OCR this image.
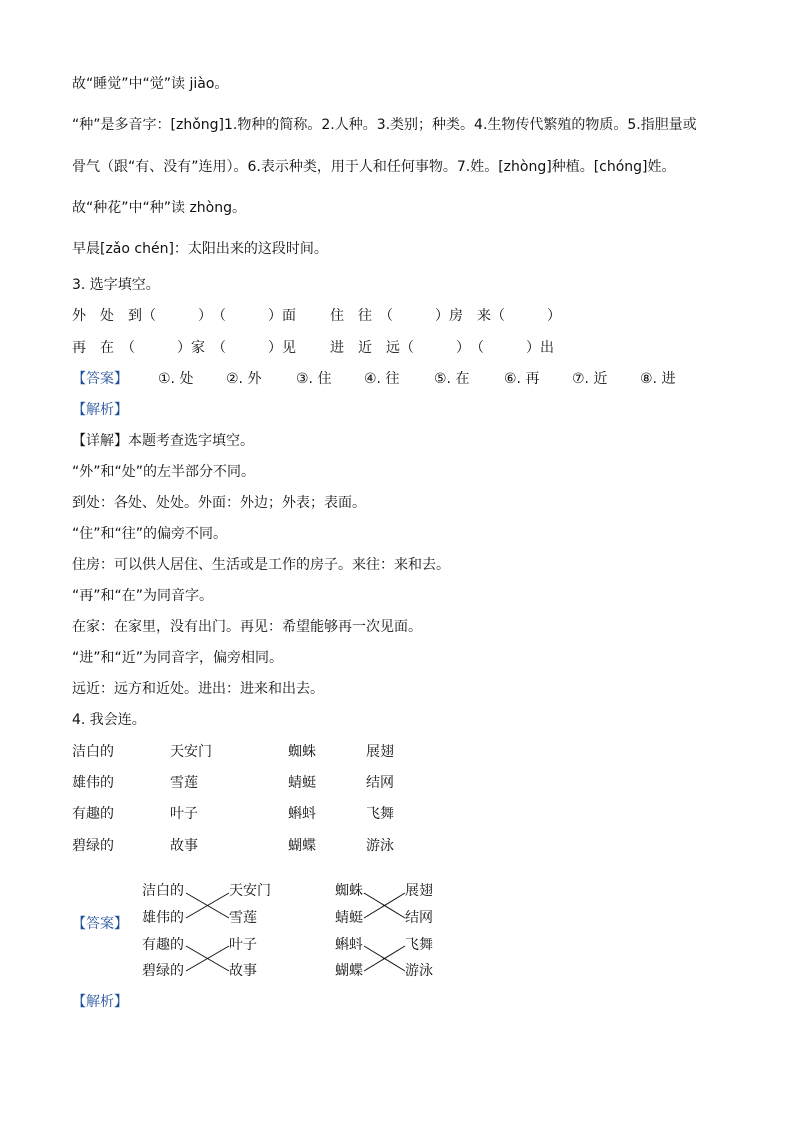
故“睡觉”中“觉”读 jiào。
“种”是多音字：[zhǒng]1.物种的简称。2.人种。3.类别；种类。4.生物传代繁殖的物质。5.指胆量或
骨气（跟“有、没有”连用）。6.表示种类，用于人和任何事物。7.姓。[zhòng]种植。[chóng]姓。
故“种花”中“种”读 zhòng。
早晨[zǎo chén]：太阳出来的这段时间。
3. 选字填空。
外　处　到（　　　）　（　　　）面 住　往　（　　　）房　来（　　　）
再　在　（　　　）家　（　　　）见 进　近　远（　　　）　（　　　）出
【答案】 ①. 处 ②. 外 ③. 住 ④. 往 ⑤. 在 ⑥. 再 ⑦. 近 ⑧. 进
【解析】
【详解】本题考查选字填空。
“外”和“处”的左半部分不同。
到处：各处、处处。外面：外边；外表；表面。
“住”和“往”的偏旁不同。
住房：可以供人居住、生活或是工作的房子。来往：来和去。
“再”和“在”为同音字。
在家：在家里，没有出门。再见：希望能够再一次见面。
“进”和“近”为同音字，偏旁相同。
远近：远方和近处。进出：进来和出去。
4. 我会连。
洁白的	天安门	蜘蛛	展翅
雄伟的	雪莲	蜻蜓	结网
有趣的	叶子	蝌蚪	飞舞
碧绿的	故事	蝴蝶	游泳
【答案】
洁白的
雄伟的
有趣的
碧绿的
天安门
雪莲
叶子
故事
蜘蛛
蜻蜓
蝌蚪
蝴蝶
展翅
结网
飞舞
游泳
【解析】
